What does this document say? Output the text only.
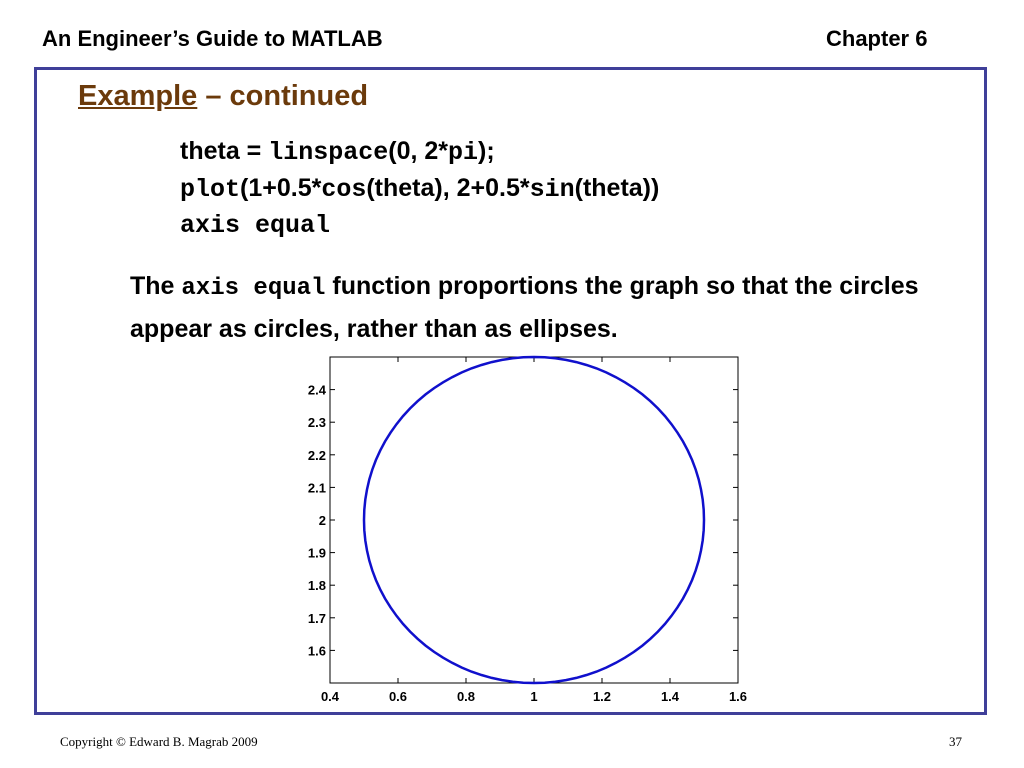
An Engineer’s Guide to MATLAB	Chapter 6
Example – continued
theta = linspace(0, 2*pi);
plot(1+0.5*cos(theta), 2+0.5*sin(theta))
axis equal
The axis equal function proportions the graph so that the circles appear as circles, rather than as ellipses.
0.4	0.6	0.8	1	1.2	1.4	1.6
1.6
1.7
1.8
1.9
2
2.1
2.2
2.3
2.4
Copyright © Edward B. Magrab 2009	37
